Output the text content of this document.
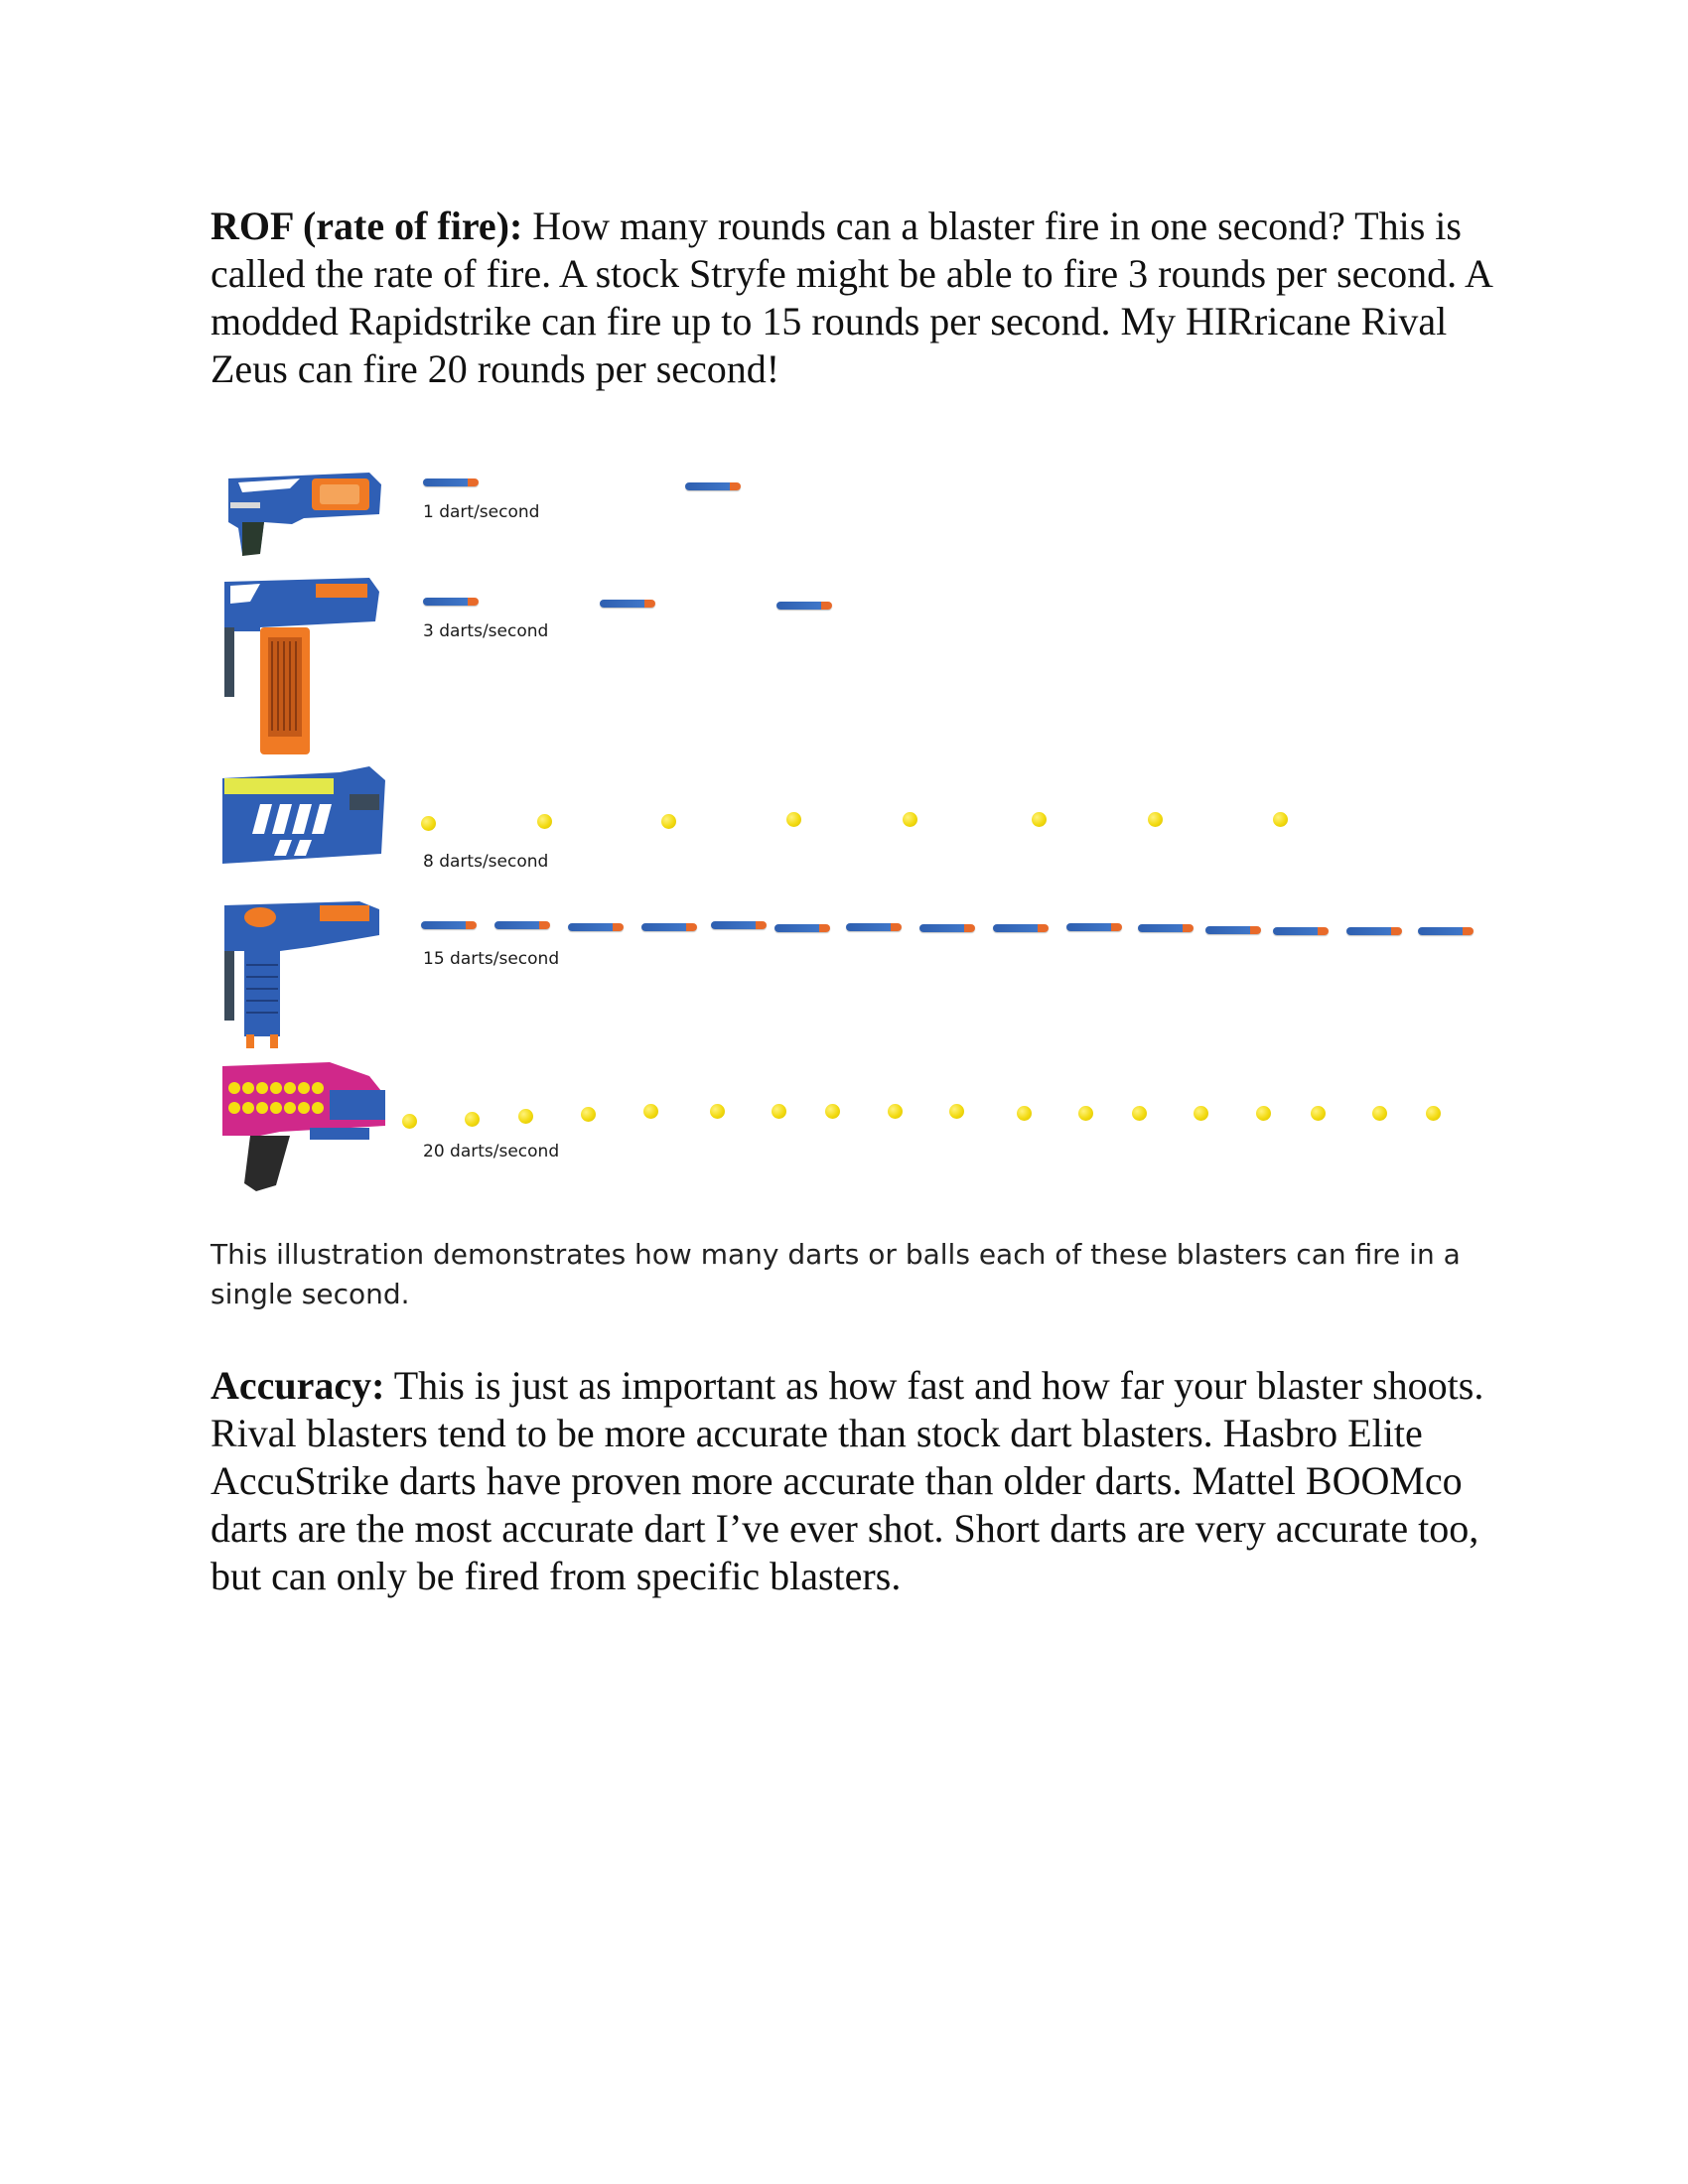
ROF (rate of fire): How many rounds can a blaster fire in one second? This is called the rate of fire. A stock Stryfe might be able to fire 3 rounds per second. A modded Rapidstrike can fire up to 15 rounds per second. My HIRricane Rival Zeus can fire 20 rounds per second!

1 dart/second
3 darts/second
8 darts/second
15 darts/second
20 darts/second

This illustration demonstrates how many darts or balls each of these blasters can fire in a single second.

Accuracy: This is just as important as how fast and how far your blaster shoots. Rival blasters tend to be more accurate than stock dart blasters. Hasbro Elite AccuStrike darts have proven more accurate than older darts. Mattel BOOMco darts are the most accurate dart I’ve ever shot. Short darts are very accurate too, but can only be fired from specific blasters.
